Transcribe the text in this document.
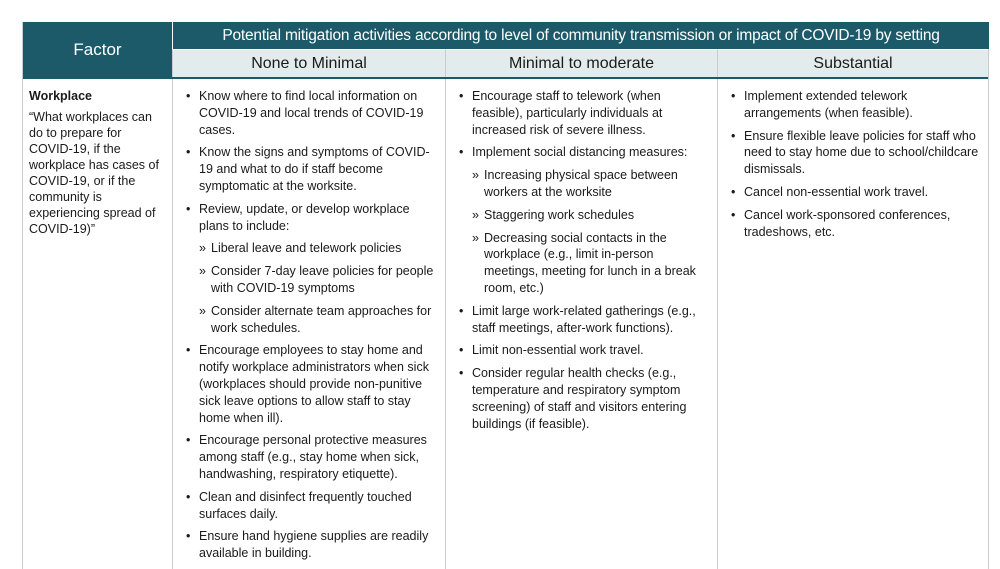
Factor
Potential mitigation activities according to level of community transmission or impact of COVID-19 by setting
None to Minimal	Minimal to moderate	Substantial
Workplace
“What workplaces can do to prepare for COVID-19, if the workplace has cases of COVID-19, or if the community is experiencing spread of COVID-19)”
• Know where to find local information on COVID-19 and local trends of COVID-19 cases.
• Know the signs and symptoms of COVID-19 and what to do if staff become symptomatic at the worksite.
• Review, update, or develop workplace plans to include:
» Liberal leave and telework policies
» Consider 7-day leave policies for people with COVID-19 symptoms
» Consider alternate team approaches for work schedules.
• Encourage employees to stay home and notify workplace administrators when sick (workplaces should provide non-punitive sick leave options to allow staff to stay home when ill).
• Encourage personal protective measures among staff (e.g., stay home when sick, handwashing, respiratory etiquette).
• Clean and disinfect frequently touched surfaces daily.
• Ensure hand hygiene supplies are readily available in building.
• Encourage staff to telework (when feasible), particularly individuals at increased risk of severe illness.
• Implement social distancing measures:
» Increasing physical space between workers at the worksite
» Staggering work schedules
» Decreasing social contacts in the workplace (e.g., limit in-person meetings, meeting for lunch in a break room, etc.)
• Limit large work-related gatherings (e.g., staff meetings, after-work functions).
• Limit non-essential work travel.
• Consider regular health checks (e.g., temperature and respiratory symptom screening) of staff and visitors entering buildings (if feasible).
• Implement extended telework arrangements (when feasible).
• Ensure flexible leave policies for staff who need to stay home due to school/childcare dismissals.
• Cancel non-essential work travel.
• Cancel work-sponsored conferences, tradeshows, etc.
